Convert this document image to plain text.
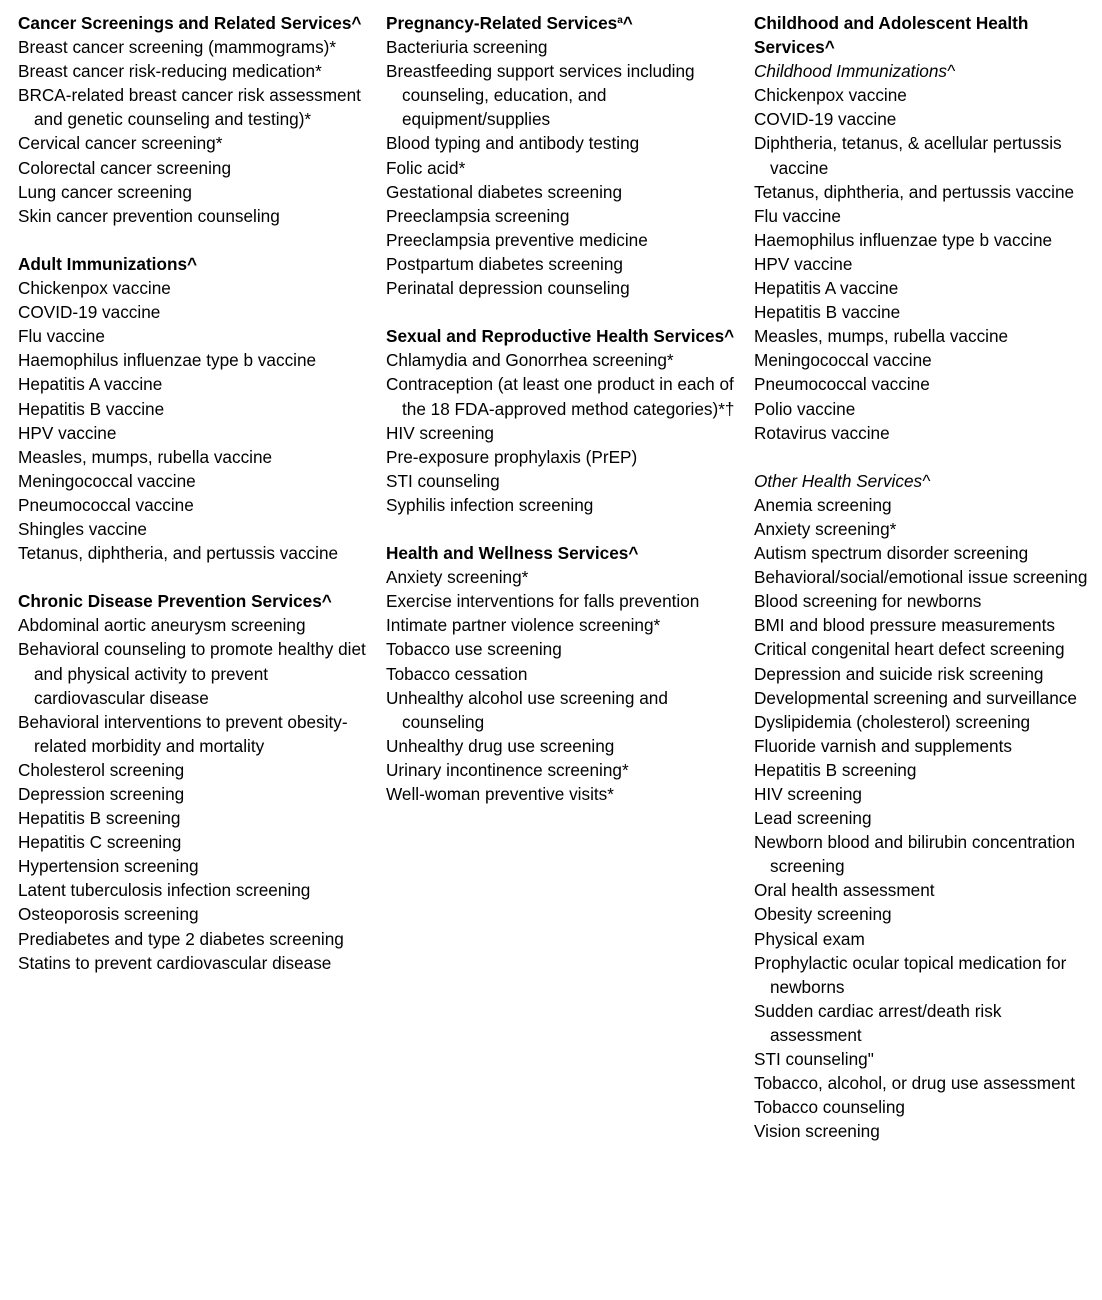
Cancer Screenings and Related Services^
Breast cancer screening (mammograms)*
Breast cancer risk-reducing medication*
BRCA-related breast cancer risk assessment and genetic counseling and testing)*
Cervical cancer screening*
Colorectal cancer screening
Lung cancer screening
Skin cancer prevention counseling
Adult Immunizations^
Chickenpox vaccine
COVID-19 vaccine
Flu vaccine
Haemophilus influenzae type b vaccine
Hepatitis A vaccine
Hepatitis B vaccine
HPV vaccine
Measles, mumps, rubella vaccine
Meningococcal vaccine
Pneumococcal vaccine
Shingles vaccine
Tetanus, diphtheria, and pertussis vaccine
Chronic Disease Prevention Services^
Abdominal aortic aneurysm screening
Behavioral counseling to promote healthy diet and physical activity to prevent cardiovascular disease
Behavioral interventions to prevent obesity-related morbidity and mortality
Cholesterol screening
Depression screening
Hepatitis B screening
Hepatitis C screening
Hypertension screening
Latent tuberculosis infection screening
Osteoporosis screening
Prediabetes and type 2 diabetes screening
Statins to prevent cardiovascular disease
Pregnancy-Related Services$^a$^
Bacteriuria screening
Breastfeeding support services including counseling, education, and equipment/supplies
Blood typing and antibody testing
Folic acid*
Gestational diabetes screening
Preeclampsia screening
Preeclampsia preventive medicine
Postpartum diabetes screening
Perinatal depression counseling
Sexual and Reproductive Health Services^
Chlamydia and Gonorrhea screening*
Contraception (at least one product in each of the 18 FDA-approved method categories)*†
HIV screening
Pre-exposure prophylaxis (PrEP)
STI counseling
Syphilis infection screening
Health and Wellness Services^
Anxiety screening*
Exercise interventions for falls prevention
Intimate partner violence screening*
Tobacco use screening
Tobacco cessation
Unhealthy alcohol use screening and counseling
Unhealthy drug use screening
Urinary incontinence screening*
Well-woman preventive visits*
Childhood and Adolescent Health Services^
Childhood Immunizations^
Chickenpox vaccine
COVID-19 vaccine
Diphtheria, tetanus, & acellular pertussis vaccine
Tetanus, diphtheria, and pertussis vaccine
Flu vaccine
Haemophilus influenzae type b vaccine
HPV vaccine
Hepatitis A vaccine
Hepatitis B vaccine
Measles, mumps, rubella vaccine
Meningococcal vaccine
Pneumococcal vaccine
Polio vaccine
Rotavirus vaccine
Other Health Services^
Anemia screening
Anxiety screening*
Autism spectrum disorder screening
Behavioral/social/emotional issue screening
Blood screening for newborns
BMI and blood pressure measurements
Critical congenital heart defect screening
Depression and suicide risk screening
Developmental screening and surveillance
Dyslipidemia (cholesterol) screening
Fluoride varnish and supplements
Hepatitis B screening
HIV screening
Lead screening
Newborn blood and bilirubin concentration screening
Oral health assessment
Obesity screening
Physical exam
Prophylactic ocular topical medication for newborns
Sudden cardiac arrest/death risk assessment
STI counseling"
Tobacco, alcohol, or drug use assessment
Tobacco counseling
Vision screening
